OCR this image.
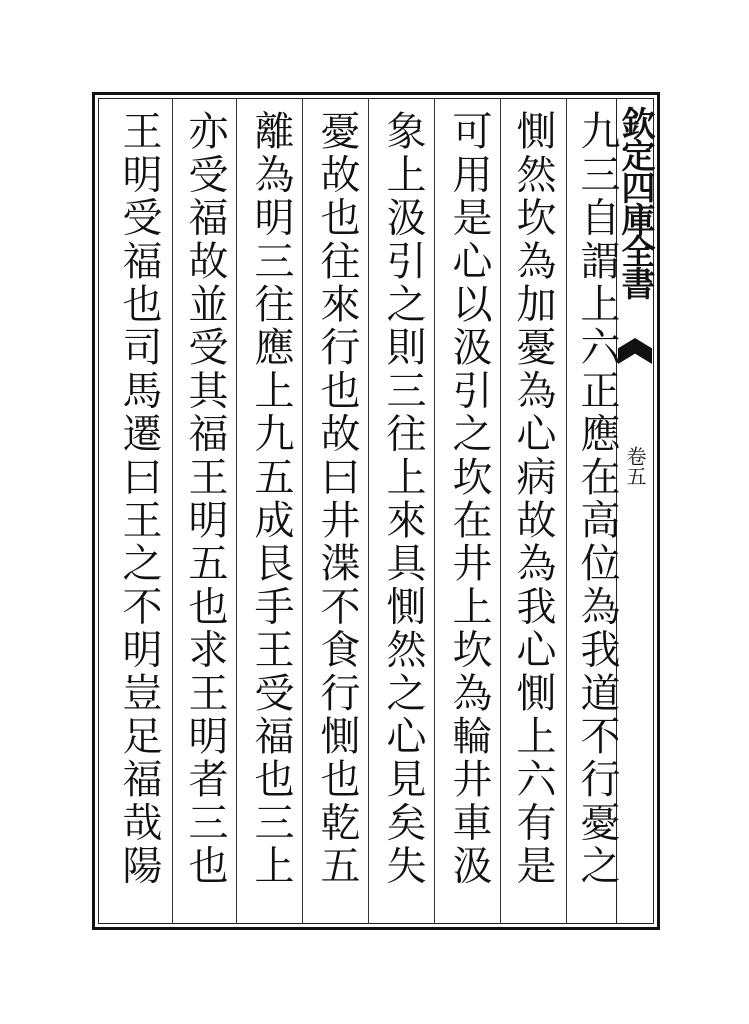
欽定四庫全書
卷五
九三自謂上六正應在高位為我道不行憂之
惻然坎為加憂為心病故為我心惻上六有是
可用是心以汲引之坎在井上坎為輪井車汲
象上汲引之則三往上來具惻然之心見矣失
憂故也往來行也故曰井渫不食行惻也乾五
離為明三往應上九五成艮手王受福也三上
亦受福故並受其福王明五也求王明者三也
王明受福也司馬遷曰王之不明豈足福哉陽
